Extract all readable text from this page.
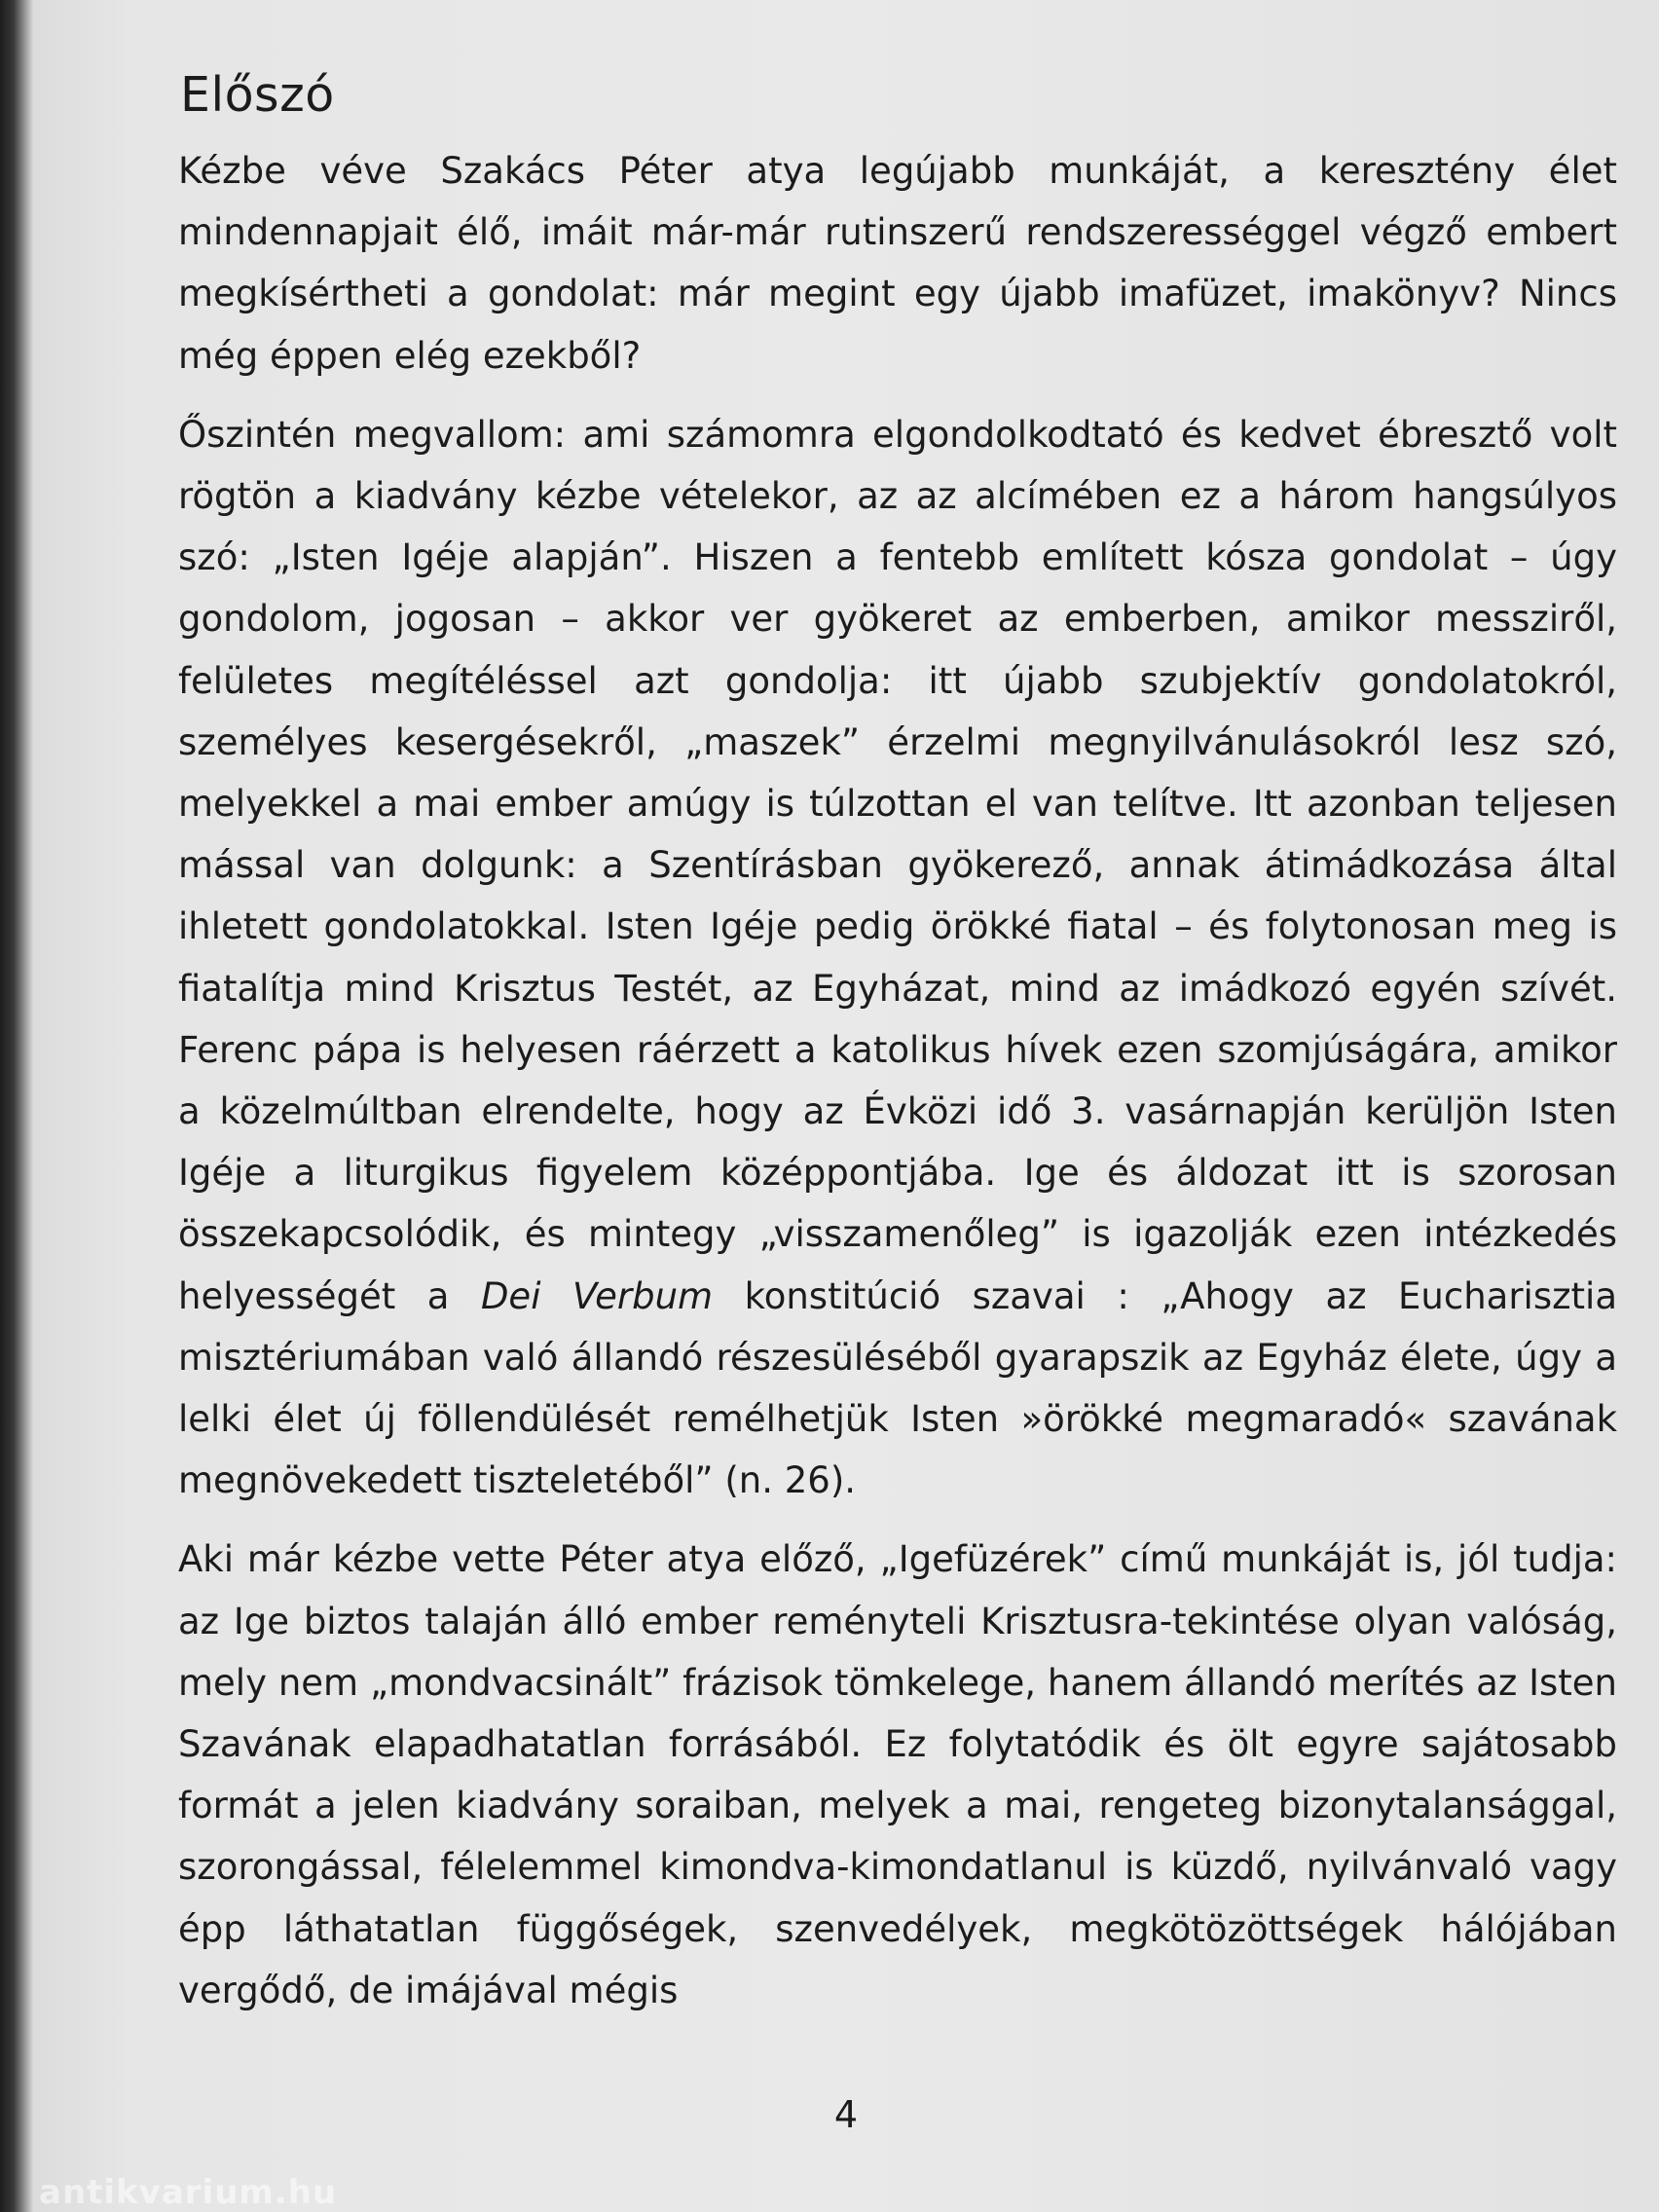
Előszó

Kézbe véve Szakács Péter atya legújabb munkáját, a keresztény élet mindennapjait élő, imáit már-már rutinszerű rendszerességgel végző embert megkísértheti a gondolat: már megint egy újabb imafüzet, imakönyv? Nincs még éppen elég ezekből?

Őszintén megvallom: ami számomra elgondolkodtató és kedvet ébresztő volt rögtön a kiadvány kézbe vételekor, az az alcímében ez a három hangsúlyos szó: „Isten Igéje alapján”. Hiszen a fentebb említett kósza gondolat – úgy gondolom, jogosan – akkor ver gyökeret az emberben, amikor messziről, felületes megítéléssel azt gondolja: itt újabb szubjektív gondolatokról, személyes kesergésekről, „maszek” érzelmi megnyilvánulásokról lesz szó, melyekkel a mai ember amúgy is túlzottan el van telítve. Itt azonban teljesen mással van dolgunk: a Szentírásban gyökerező, annak átimádkozása által ihletett gondolatokkal. Isten Igéje pedig örökké fiatal – és folytonosan meg is fiatalítja mind Krisztus Testét, az Egyházat, mind az imádkozó egyén szívét. Ferenc pápa is helyesen ráérzett a katolikus hívek ezen szomjúságára, amikor a közelmúltban elrendelte, hogy az Évközi idő 3. vasárnapján kerüljön Isten Igéje a liturgikus figyelem középpontjába. Ige és áldozat itt is szorosan összekapcsolódik, és mintegy „visszamenőleg” is igazolják ezen intézkedés helyességét a Dei Verbum konstitúció szavai : „Ahogy az Eucharisztia misztériumában való állandó részesüléséből gyarapszik az Egyház élete, úgy a lelki élet új föllendülését remélhetjük Isten »örökké megmaradó« szavának megnövekedett tiszteletéből” (n. 26).

Aki már kézbe vette Péter atya előző, „Igefüzérek” című munkáját is, jól tudja: az Ige biztos talaján álló ember reményteli Krisztusra-tekintése olyan valóság, mely nem „mondvacsinált” frázisok tömkelege, hanem állandó merítés az Isten Szavának elapadhatatlan forrásából. Ez folytatódik és ölt egyre sajátosabb formát a jelen kiadvány soraiban, melyek a mai, rengeteg bizonytalansággal, szorongással, félelemmel kimondva-kimondatlanul is küzdő, nyilvánvaló vagy épp láthatatlan függőségek, szenvedélyek, megkötözöttségek hálójában vergődő, de imájával mégis

4
antikvarium.hu
